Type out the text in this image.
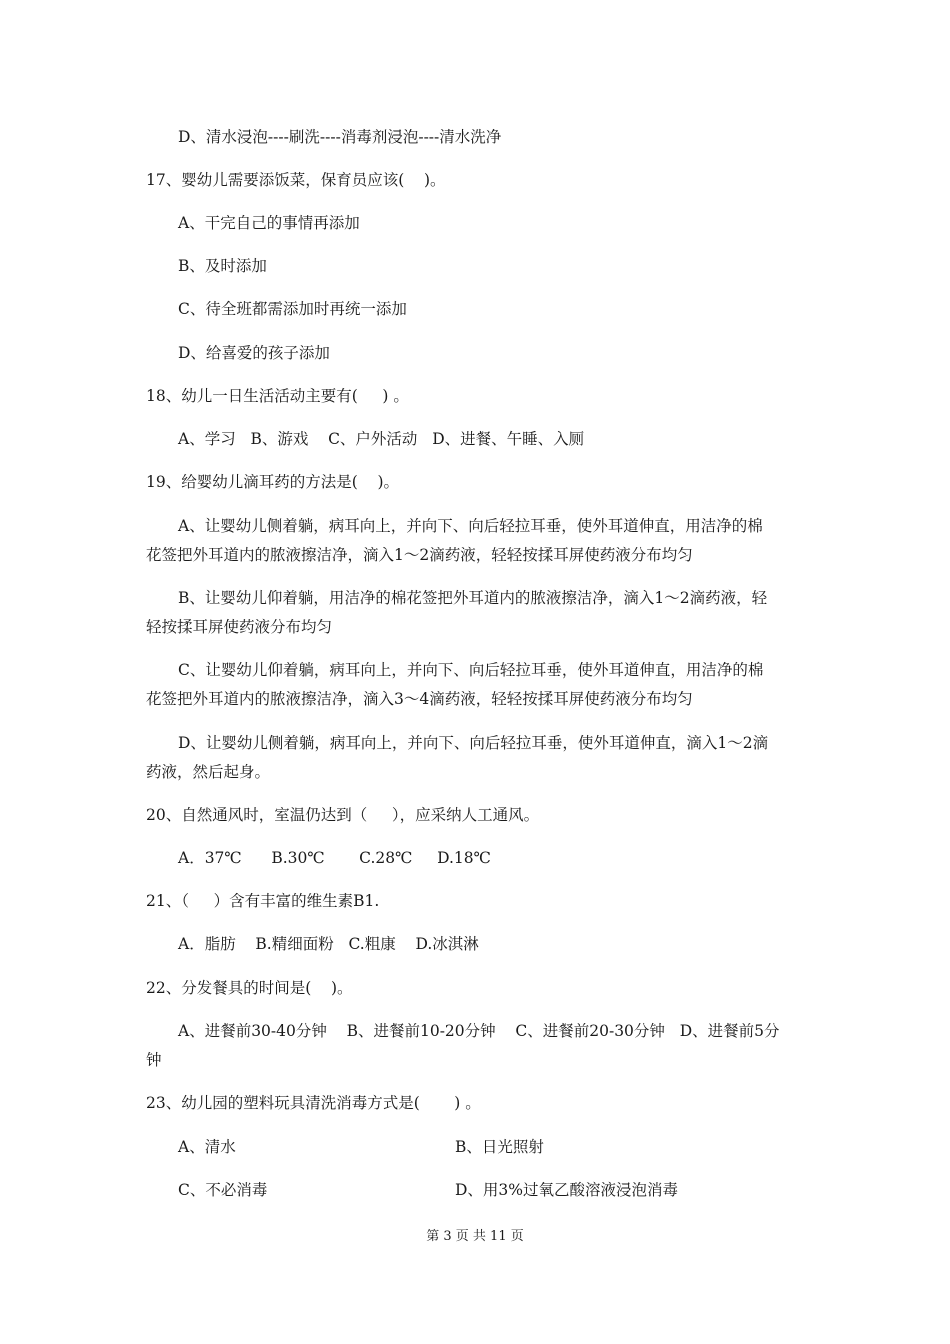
D、清水浸泡----刷洗----消毒剂浸泡----清水洗净
17、婴幼儿需要添饭菜，保育员应该(    )。
A、干完自己的事情再添加
B、及时添加
C、待全班都需添加时再统一添加
D、给喜爱的孩子添加
18、幼儿一日生活活动主要有(     ) 。
A、学习   B、游戏    C、户外活动   D、进餐、午睡、入厕
19、给婴幼儿滴耳药的方法是(    )。
A、让婴幼儿侧着躺，病耳向上，并向下、向后轻拉耳垂，使外耳道伸直，用洁净的棉
花签把外耳道内的脓液擦洁净，滴入1～2滴药液，轻轻按揉耳屏使药液分布均匀
B、让婴幼儿仰着躺，用洁净的棉花签把外耳道内的脓液擦洁净，滴入1～2滴药液，轻
轻按揉耳屏使药液分布均匀
C、让婴幼儿仰着躺，病耳向上，并向下、向后轻拉耳垂，使外耳道伸直，用洁净的棉
花签把外耳道内的脓液擦洁净，滴入3～4滴药液，轻轻按揉耳屏使药液分布均匀
D、让婴幼儿侧着躺，病耳向上，并向下、向后轻拉耳垂，使外耳道伸直，滴入1～2滴
药液，然后起身。
20、自然通风时，室温仍达到（     ），应采纳人工通风。
A．37℃      B.30℃       C.28℃     D.18℃
21、（     ）含有丰富的维生素B1.
A．脂肪    B.精细面粉   C.粗康    D.冰淇淋
22、分发餐具的时间是(    )。
A、进餐前30-40分钟    B、进餐前10-20分钟    C、进餐前20-30分钟   D、进餐前5分
钟
23、幼儿园的塑料玩具清洗消毒方式是(       ) 。
A、清水	B、日光照射
C、不必消毒	D、用3%过氧乙酸溶液浸泡消毒
第 3 页 共 11 页
